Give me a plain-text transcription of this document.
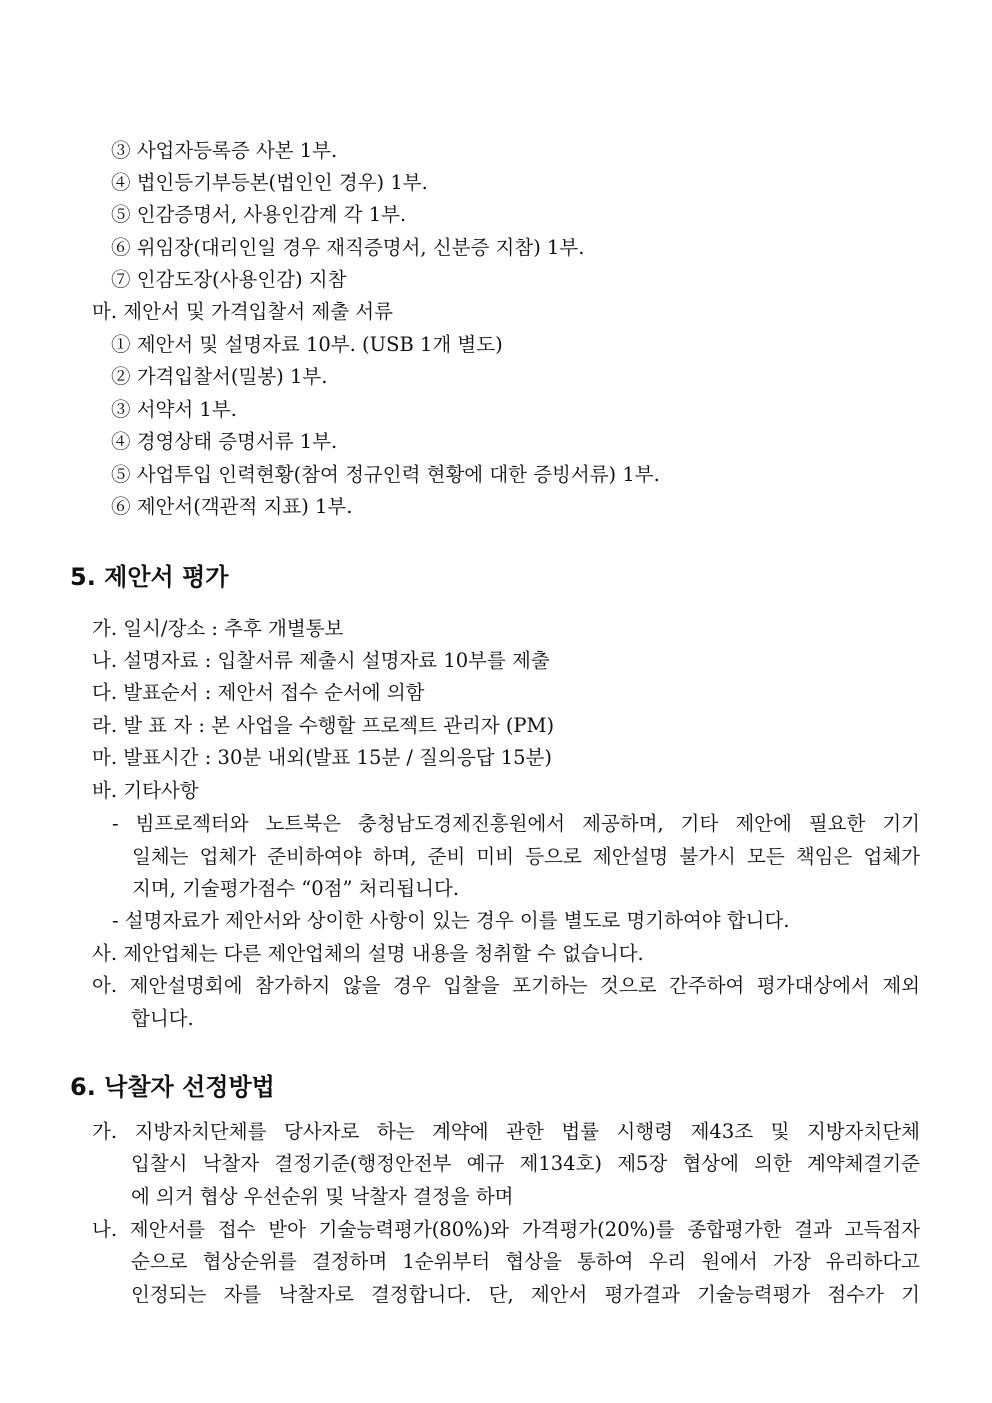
③ 사업자등록증 사본 1부.
④ 법인등기부등본(법인인 경우) 1부.
⑤ 인감증명서, 사용인감계 각 1부.
⑥ 위임장(대리인일 경우 재직증명서, 신분증 지참) 1부.
⑦ 인감도장(사용인감) 지참
마. 제안서 및 가격입찰서 제출 서류
① 제안서 및 설명자료 10부. (USB 1개 별도)
② 가격입찰서(밀봉) 1부.
③ 서약서 1부.
④ 경영상태 증명서류 1부.
⑤ 사업투입 인력현황(참여 정규인력 현황에 대한 증빙서류) 1부.
⑥ 제안서(객관적 지표) 1부.
5. 제안서 평가
가. 일시/장소 : 추후 개별통보
나. 설명자료 : 입찰서류 제출시 설명자료 10부를 제출
다. 발표순서 : 제안서 접수 순서에 의함
라. 발 표 자 : 본 사업을 수행할 프로젝트 관리자 (PM)
마. 발표시간 : 30분 내외(발표 15분 / 질의응답 15분)
바. 기타사항
- 빔프로젝터와 노트북은 충청남도경제진흥원에서 제공하며, 기타 제안에 필요한 기기
일체는 업체가 준비하여야 하며, 준비 미비 등으로 제안설명 불가시 모든 책임은 업체가
지며, 기술평가점수 “0점” 처리됩니다.
- 설명자료가 제안서와 상이한 사항이 있는 경우 이를 별도로 명기하여야 합니다.
사. 제안업체는 다른 제안업체의 설명 내용을 청취할 수 없습니다.
아. 제안설명회에 참가하지 않을 경우 입찰을 포기하는 것으로 간주하여 평가대상에서 제외
합니다.
6. 낙찰자 선정방법
가. 지방자치단체를 당사자로 하는 계약에 관한 법률 시행령 제43조 및 지방자치단체
입찰시 낙찰자 결정기준(행정안전부 예규 제134호) 제5장 협상에 의한 계약체결기준
에 의거 협상 우선순위 및 낙찰자 결정을 하며
나. 제안서를 접수 받아 기술능력평가(80%)와 가격평가(20%)를 종합평가한 결과 고득점자
순으로 협상순위를 결정하며 1순위부터 협상을 통하여 우리 원에서 가장 유리하다고
인정되는 자를 낙찰자로 결정합니다. 단, 제안서 평가결과 기술능력평가 점수가 기
